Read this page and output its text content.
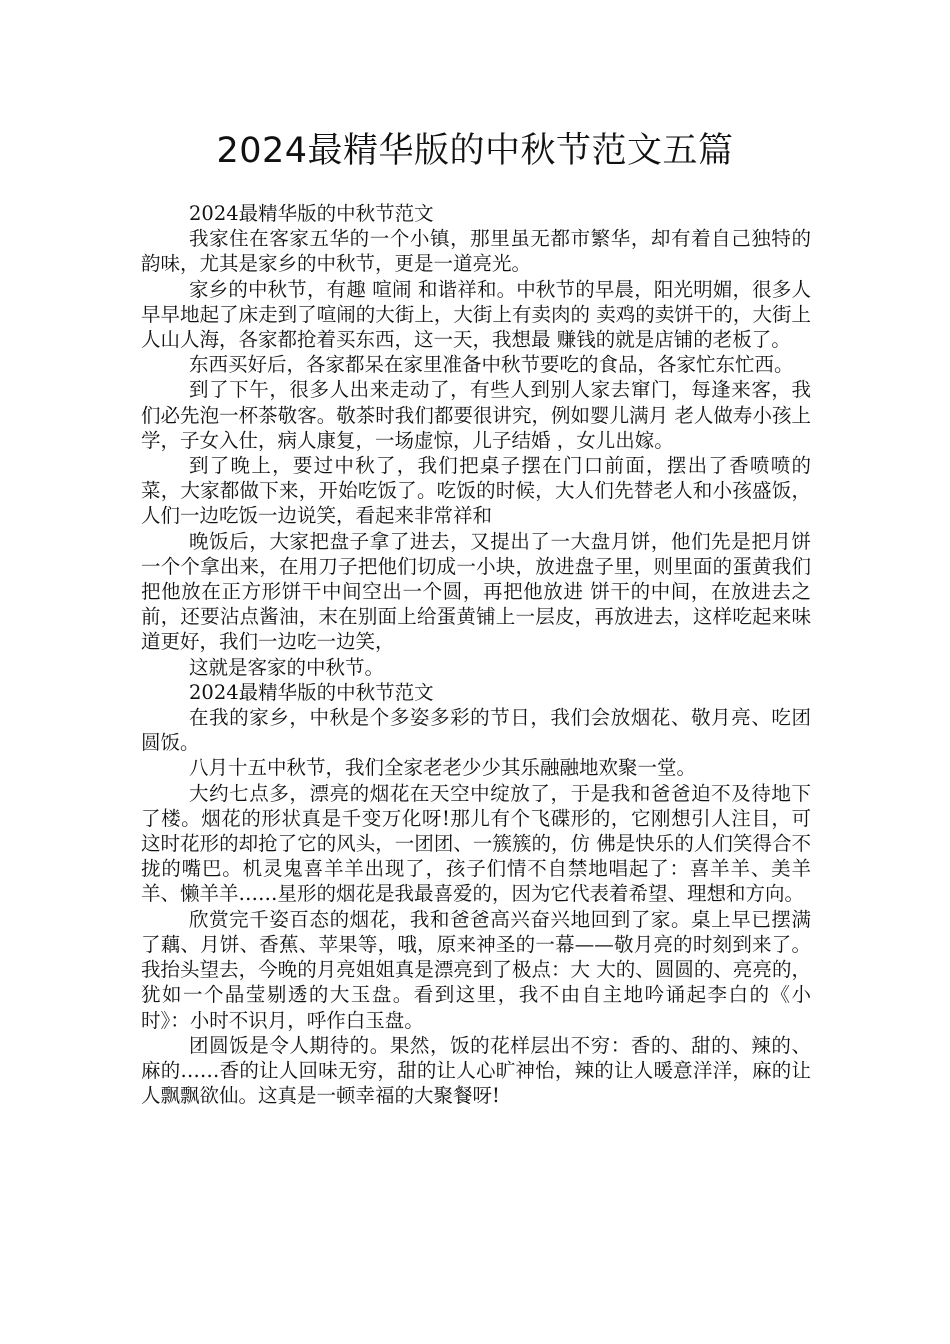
2024最精华版的中秋节范文五篇

2024最精华版的中秋节范文

我家住在客家五华的一个小镇，那里虽无都市繁华，却有着自己独特的韵味，尤其是家乡的中秋节，更是一道亮光。

家乡的中秋节，有趣 喧闹 和谐祥和。中秋节的早晨，阳光明媚，很多人早早地起了床走到了喧闹的大街上，大街上有卖肉的 卖鸡的卖饼干的，大街上人山人海，各家都抢着买东西，这一天，我想最 赚钱的就是店铺的老板了。

东西买好后，各家都呆在家里准备中秋节要吃的食品，各家忙东忙西。

到了下午，很多人出来走动了，有些人到别人家去窜门，每逢来客，我们必先泡一杯茶敬客。敬茶时我们都要很讲究，例如婴儿满月 老人做寿小孩上学，子女入仕，病人康复，一场虚惊，儿子结婚 ，女儿出嫁。

到了晚上，要过中秋了，我们把桌子摆在门口前面，摆出了香喷喷的菜，大家都做下来，开始吃饭了。吃饭的时候，大人们先替老人和小孩盛饭，人们一边吃饭一边说笑，看起来非常祥和

晚饭后，大家把盘子拿了进去，又提出了一大盘月饼，他们先是把月饼一个个拿出来，在用刀子把他们切成一小块，放进盘子里，则里面的蛋黄我们把他放在正方形饼干中间空出一个圆，再把他放进 饼干的中间，在放进去之前，还要沾点酱油，末在别面上给蛋黄铺上一层皮，再放进去，这样吃起来味道更好，我们一边吃一边笑，

这就是客家的中秋节。

2024最精华版的中秋节范文

在我的家乡，中秋是个多姿多彩的节日，我们会放烟花、敬月亮、吃团圆饭。

八月十五中秋节，我们全家老老少少其乐融融地欢聚一堂。

大约七点多，漂亮的烟花在天空中绽放了，于是我和爸爸迫不及待地下了楼。烟花的形状真是千变万化呀!那儿有个飞碟形的，它刚想引人注目，可这时花形的却抢了它的风头，一团团、一簇簇的，仿 佛是快乐的人们笑得合不拢的嘴巴。机灵鬼喜羊羊出现了，孩子们情不自禁地唱起了：喜羊羊、美羊羊、懒羊羊……星形的烟花是我最喜爱的，因为它代表着希望、理想和方向。

欣赏完千姿百态的烟花，我和爸爸高兴奋兴地回到了家。桌上早已摆满了藕、月饼、香蕉、苹果等，哦，原来神圣的一幕——敬月亮的时刻到来了。我抬头望去，今晚的月亮姐姐真是漂亮到了极点：大 大的、圆圆的、亮亮的，犹如一个晶莹剔透的大玉盘。看到这里，我不由自主地吟诵起李白的《小时》：小时不识月，呼作白玉盘。

团圆饭是令人期待的。果然，饭的花样层出不穷：香的、甜的、辣的、麻的……香的让人回味无穷，甜的让人心旷神怡，辣的让人暖意洋洋，麻的让人飘飘欲仙。这真是一顿幸福的大聚餐呀!
